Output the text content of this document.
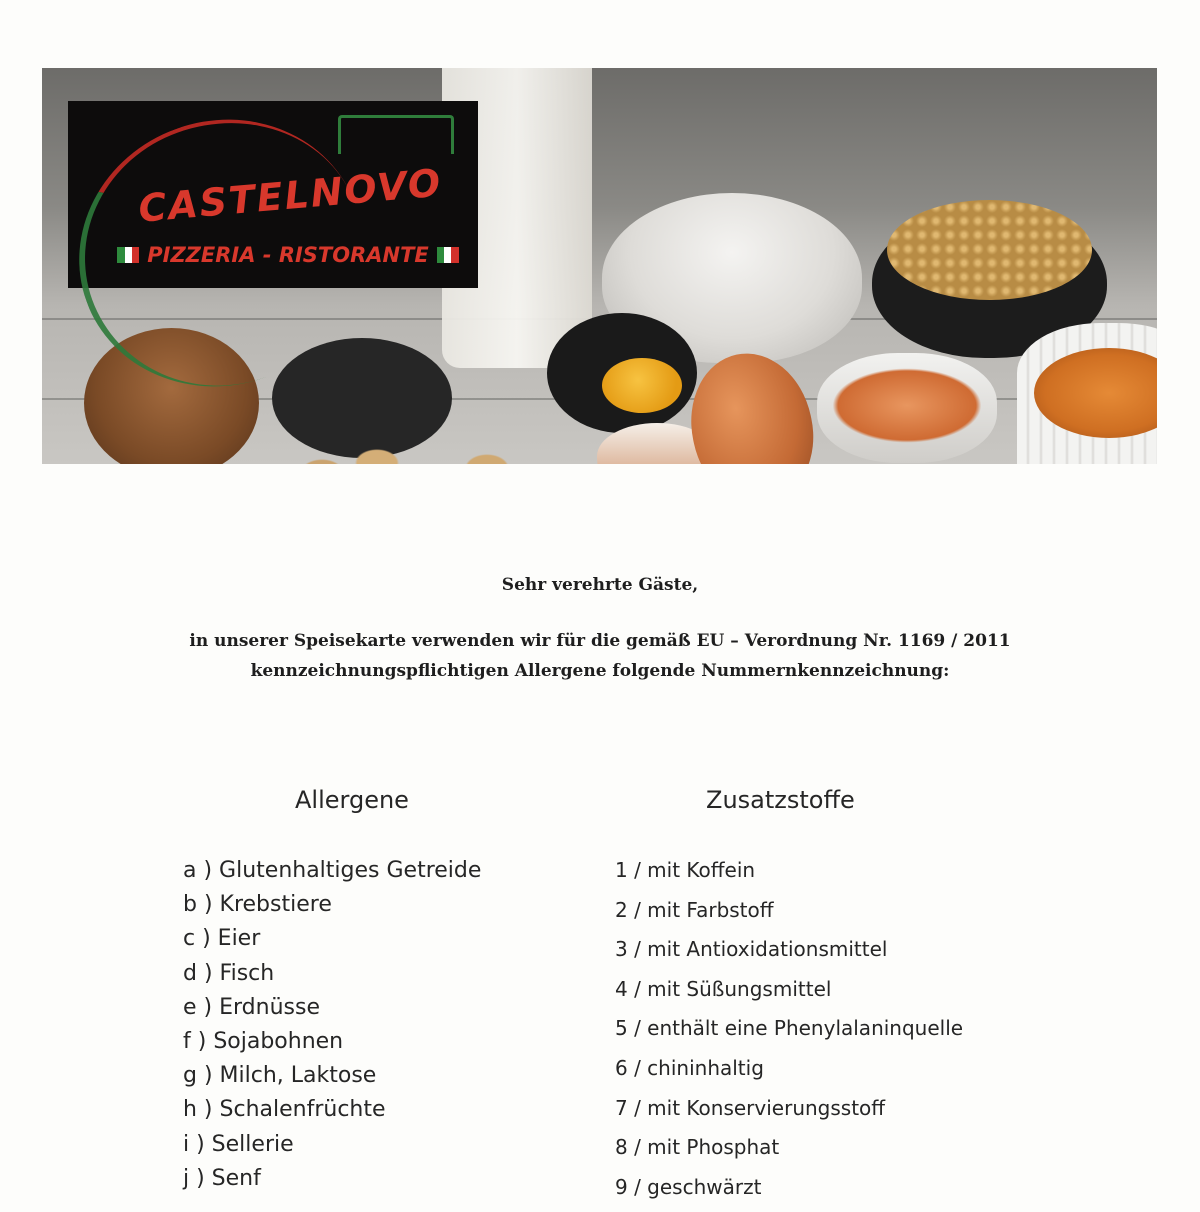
CASTELNOVO
PIZZERIA - RISTORANTE
Sehr verehrte Gäste,
in unserer Speisekarte verwenden wir für die gemäß EU – Verordnung Nr. 1169 / 2011
kennzeichnungspflichtigen Allergene folgende Nummernkennzeichnung:
Allergene	Zusatzstoffe
a ) Glutenhaltiges Getreide
b ) Krebstiere
c ) Eier
d ) Fisch
e ) Erdnüsse
f ) Sojabohnen
g ) Milch, Laktose
h ) Schalenfrüchte
i ) Sellerie
j ) Senf
1 / mit Koffein
2 / mit Farbstoff
3 / mit Antioxidationsmittel
4 / mit Süßungsmittel
5 / enthält eine Phenylalaninquelle
6 / chininhaltig
7 / mit Konservierungsstoff
8 / mit Phosphat
9 / geschwärzt
